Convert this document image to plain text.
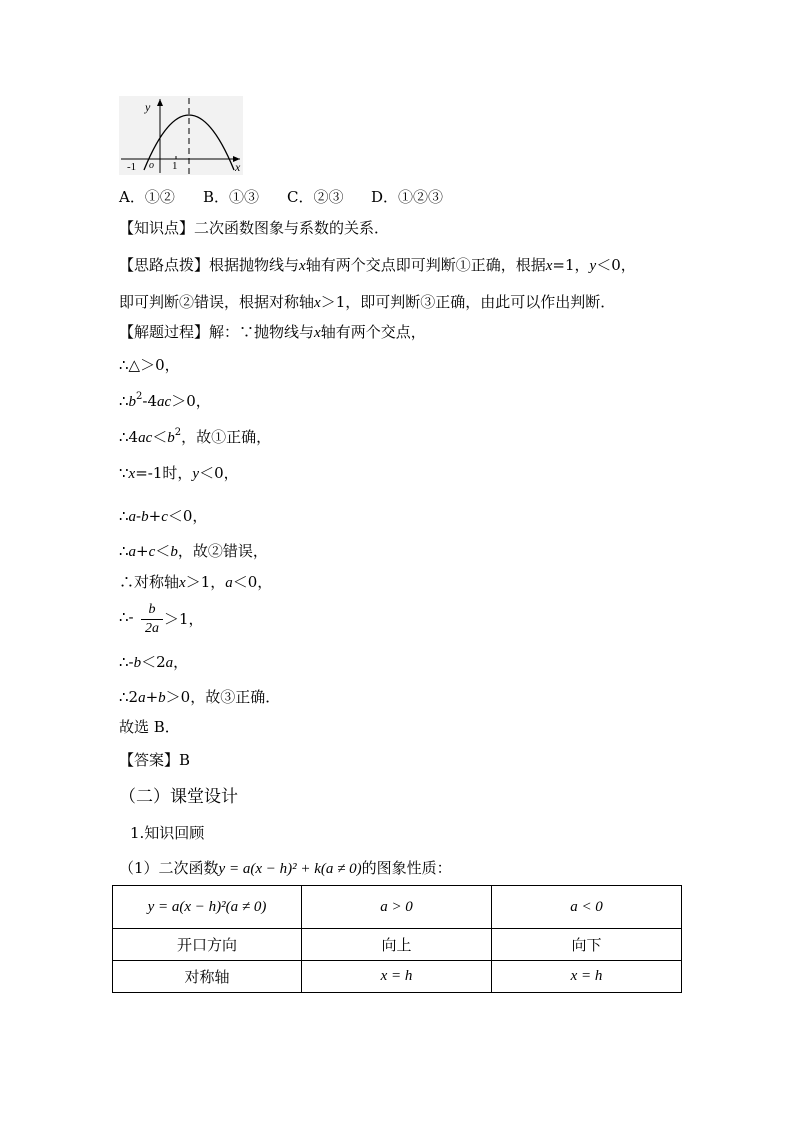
y
x
-1 o 1
A．①② B．①③ C．②③ D．①②③
【知识点】二次函数图象与系数的关系．
【思路点拨】根据抛物线与x轴有两个交点即可判断①正确，根据x=1，y＜0，
即可判断②错误，根据对称轴x＞1，即可判断③正确，由此可以作出判断．
【解题过程】解：∵抛物线与x轴有两个交点，
∴△＞0，
$\therefore b^2-4ac>0$，
$\therefore 4ac<b^2$，故①正确，
∵x=-1时，y＜0，
∴a-b+c＜0，
∴a+c＜b，故②错误，
∴对称轴x＞1，a＜0，
∴-	b
2a
＞1，
∴-b＜2a，
∴2a+b＞0，故③正确．
故选 B．
【答案】B
（二）课堂设计
1.知识回顾
（1）二次函数y = a(x − h)² + k(a ≠ 0)的图象性质：
y = a(x − h)²(a ≠ 0)	a > 0	a < 0
开口方向	向上	向下
对称轴	x = h	x = h
